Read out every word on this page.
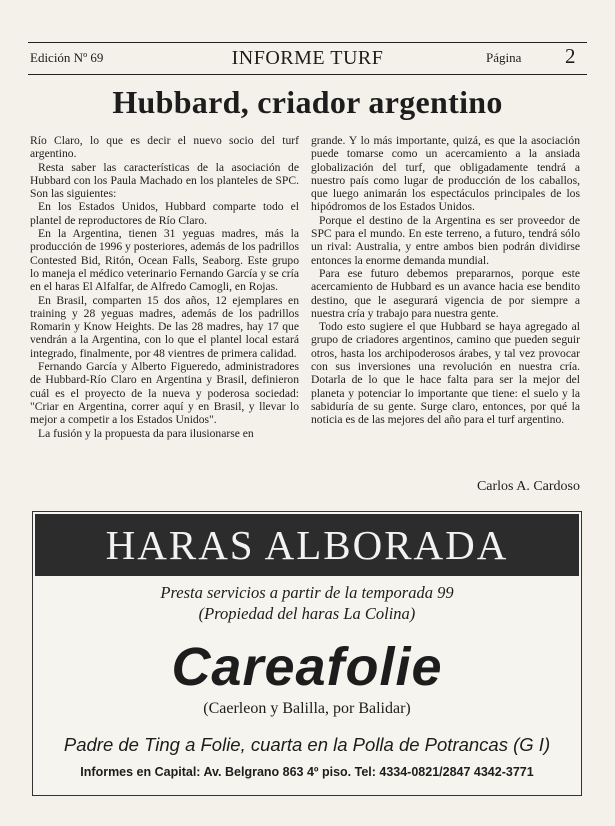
Edición Nº 69	INFORME TURF	Página 2
Hubbard, criador argentino

Río Claro, lo que es decir el nuevo socio del turf argentino.

Resta saber las características de la asociación de Hubbard con los Paula Machado en los planteles de SPC. Son las siguientes:

En los Estados Unidos, Hubbard comparte todo el plantel de reproductores de Río Claro.

En la Argentina, tienen 31 yeguas madres, más la producción de 1996 y posteriores, además de los padrillos Contested Bid, Ritón, Ocean Falls, Seaborg. Este grupo lo maneja el médico veterinario Fernando García y se cría en el haras El Alfalfar, de Alfredo Camogli, en Rojas.

En Brasil, comparten 15 dos años, 12 ejemplares en training y 28 yeguas madres, además de los padrillos Romarin y Know Heights. De las 28 madres, hay 17 que vendrán a la Argentina, con lo que el plantel local estará integrado, finalmente, por 48 vientres de primera calidad.

Fernando García y Alberto Figueredo, administradores de Hubbard-Río Claro en Argentina y Brasil, definieron cuál es el proyecto de la nueva y poderosa sociedad: "Criar en Argentina, correr aquí y en Brasil, y llevar lo mejor a competir a los Estados Unidos".

La fusión y la propuesta da para ilusionarse en

grande. Y lo más importante, quizá, es que la asociación puede tomarse como un acercamiento a la ansiada globalización del turf, que obligadamente tendrá a nuestro país como lugar de producción de los caballos, que luego animarán los espectáculos principales de los hipódromos de los Estados Unidos.

Porque el destino de la Argentina es ser proveedor de SPC para el mundo. En este terreno, a futuro, tendrá sólo un rival: Australia, y entre ambos bien podrán dividirse entonces la enorme demanda mundial.

Para ese futuro debemos prepararnos, porque este acercamiento de Hubbard es un avance hacia ese bendito destino, que le asegurará vigencia de por siempre a nuestra cría y trabajo para nuestra gente.

Todo esto sugiere el que Hubbard se haya agregado al grupo de criadores argentinos, camino que pueden seguir otros, hasta los archipoderosos árabes, y tal vez provocar con sus inversiones una revolución en nuestra cría. Dotarla de lo que le hace falta para ser la mejor del planeta y potenciar lo importante que tiene: el suelo y la sabiduría de su gente. Surge claro, entonces, por qué la noticia es de las mejores del año para el turf argentino.

Carlos A. Cardoso
HARAS ALBORADA
Presta servicios a partir de la temporada 99
(Propiedad del haras La Colina)
Careafolie
(Caerleon y Balilla, por Balidar)
Padre de Ting a Folie, cuarta en la Polla de Potrancas (G I)
Informes en Capital: Av. Belgrano 863 4º piso. Tel: 4334-0821/2847 4342-3771
